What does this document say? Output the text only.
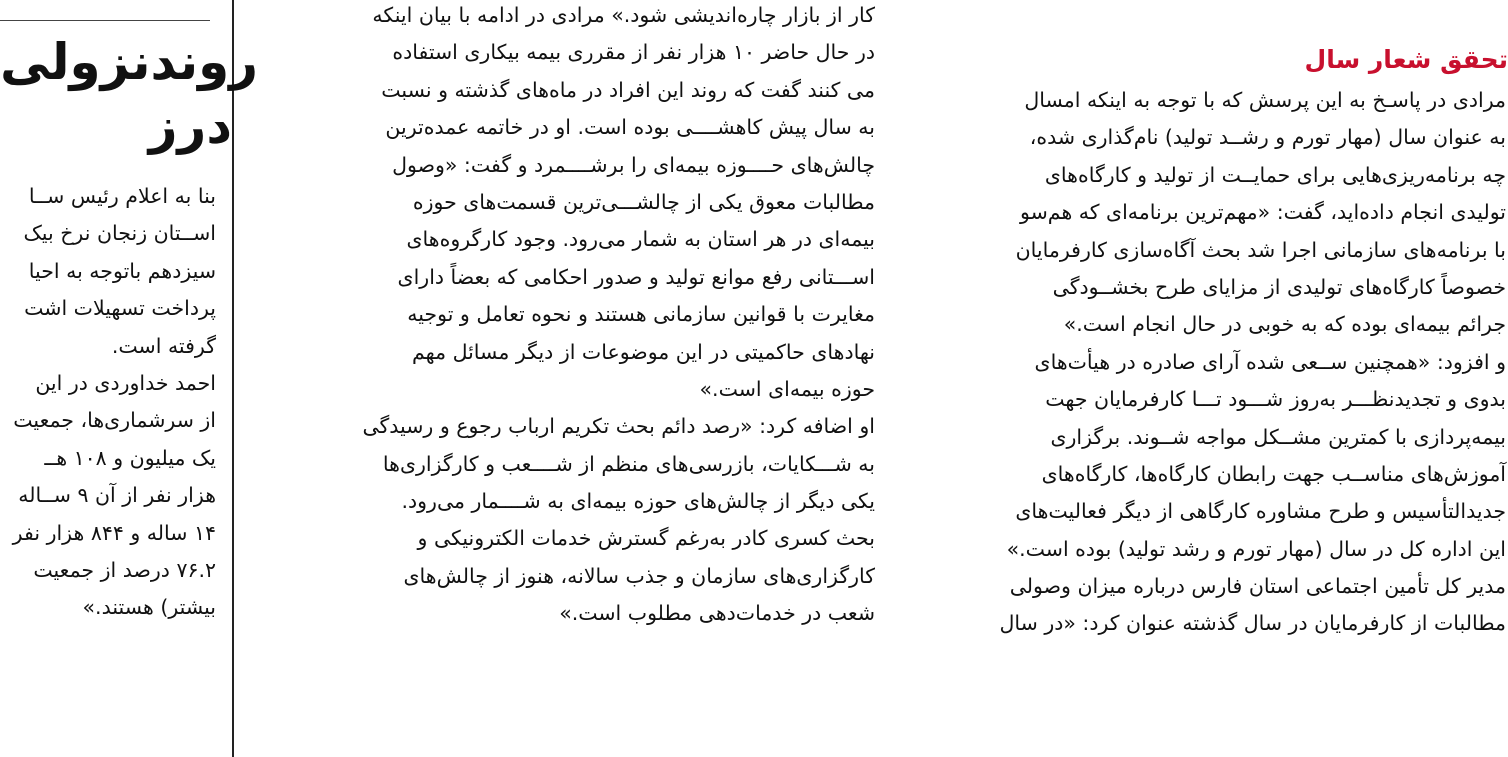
روندنزولی
درز
بنا به اعلام رئیس ســا
اســتان زنجان نرخ بیک
سیزدهم باتوجه به احیا
پرداخت تسهیلات اشت
گرفته است.
احمد خداوردی در این
از سرشماری‌ها، جمعیت
یک میلیون و ۱۰۸ هــ
هزار نفر از آن ۹ ســاله
۱۴ ساله و ۸۴۴ هزار نفر
۷۶.۲ درصد از جمعیت
بیشتر) هستند.»
کار از بازار چاره‌اندیشی شود.» مرادی در ادامه با بیان اینکه
در حال حاضر ۱۰ هزار نفر از مقرری بیمه بیکاری استفاده
می کنند گفت که روند این افراد در ماه‌های گذشته و نسبت
به سال پیش کاهشــــی بوده است. او در خاتمه عمده‌ترین
چالش‌های حــــوزه بیمه‌ای را برشــــمرد و گفت: «وصول
مطالبات معوق یکی از چالشـــی‌ترین قسمت‌های حوزه
بیمه‌ای در هر استان به شمار می‌رود. وجود کارگروه‌های
اســـتانی رفع موانع تولید و صدور احکامی که بعضاً دارای
مغایرت با قوانین سازمانی هستند و نحوه تعامل و توجیه
نهادهای حاکمیتی در این موضوعات از دیگر مسائل مهم
حوزه بیمه‌ای است.»
او اضافه کرد: «رصد دائم بحث تکریم ارباب رجوع و رسیدگی
به شـــکایات، بازرسی‌های منظم از شــــعب و کارگزاری‌ها
یکی دیگر از چالش‌های حوزه بیمه‌ای به شــــمار می‌رود.
بحث کسری کادر به‌رغم گسترش خدمات الکترونیکی و
کارگزاری‌های سازمان و جذب سالانه، هنوز از چالش‌های
شعب در خدمات‌دهی مطلوب است.»
تحقق شعار سال
مرادی در پاسـخ به این پرسش که با توجه به اینکه امسال
به عنوان سال (مهار تورم و رشــد تولید) نام‌گذاری شده،
چه برنامه‌ریزی‌هایی برای حمایــت از تولید و کارگاه‌های
تولیدی انجام داده‌اید، گفت: «مهم‌ترین برنامه‌ای که هم‌سو
با برنامه‌های سازمانی اجرا شد بحث آگاه‌سازی کارفرمایان
خصوصاً کارگاه‌های تولیدی از مزایای طرح بخشــودگی
جرائم بیمه‌ای بوده که به خوبی در حال انجام است.»
و افزود: «همچنین ســعی شده آرای صادره در هیأت‌های
بدوی و تجدیدنظـــر به‌روز شـــود تـــا کارفرمایان جهت
بیمه‌پردازی با کمترین مشــکل مواجه شــوند. برگزاری
آموزش‌های مناســب جهت رابطان کارگاه‌ها، کارگاه‌های
جدیدالتأسیس و طرح مشاوره کارگاهی از دیگر فعالیت‌های
این اداره کل در سال (مهار تورم و رشد تولید) بوده است.»
مدیر کل تأمین اجتماعی استان فارس درباره میزان وصولی
مطالبات از کارفرمایان در سال گذشته عنوان کرد: «در سال
